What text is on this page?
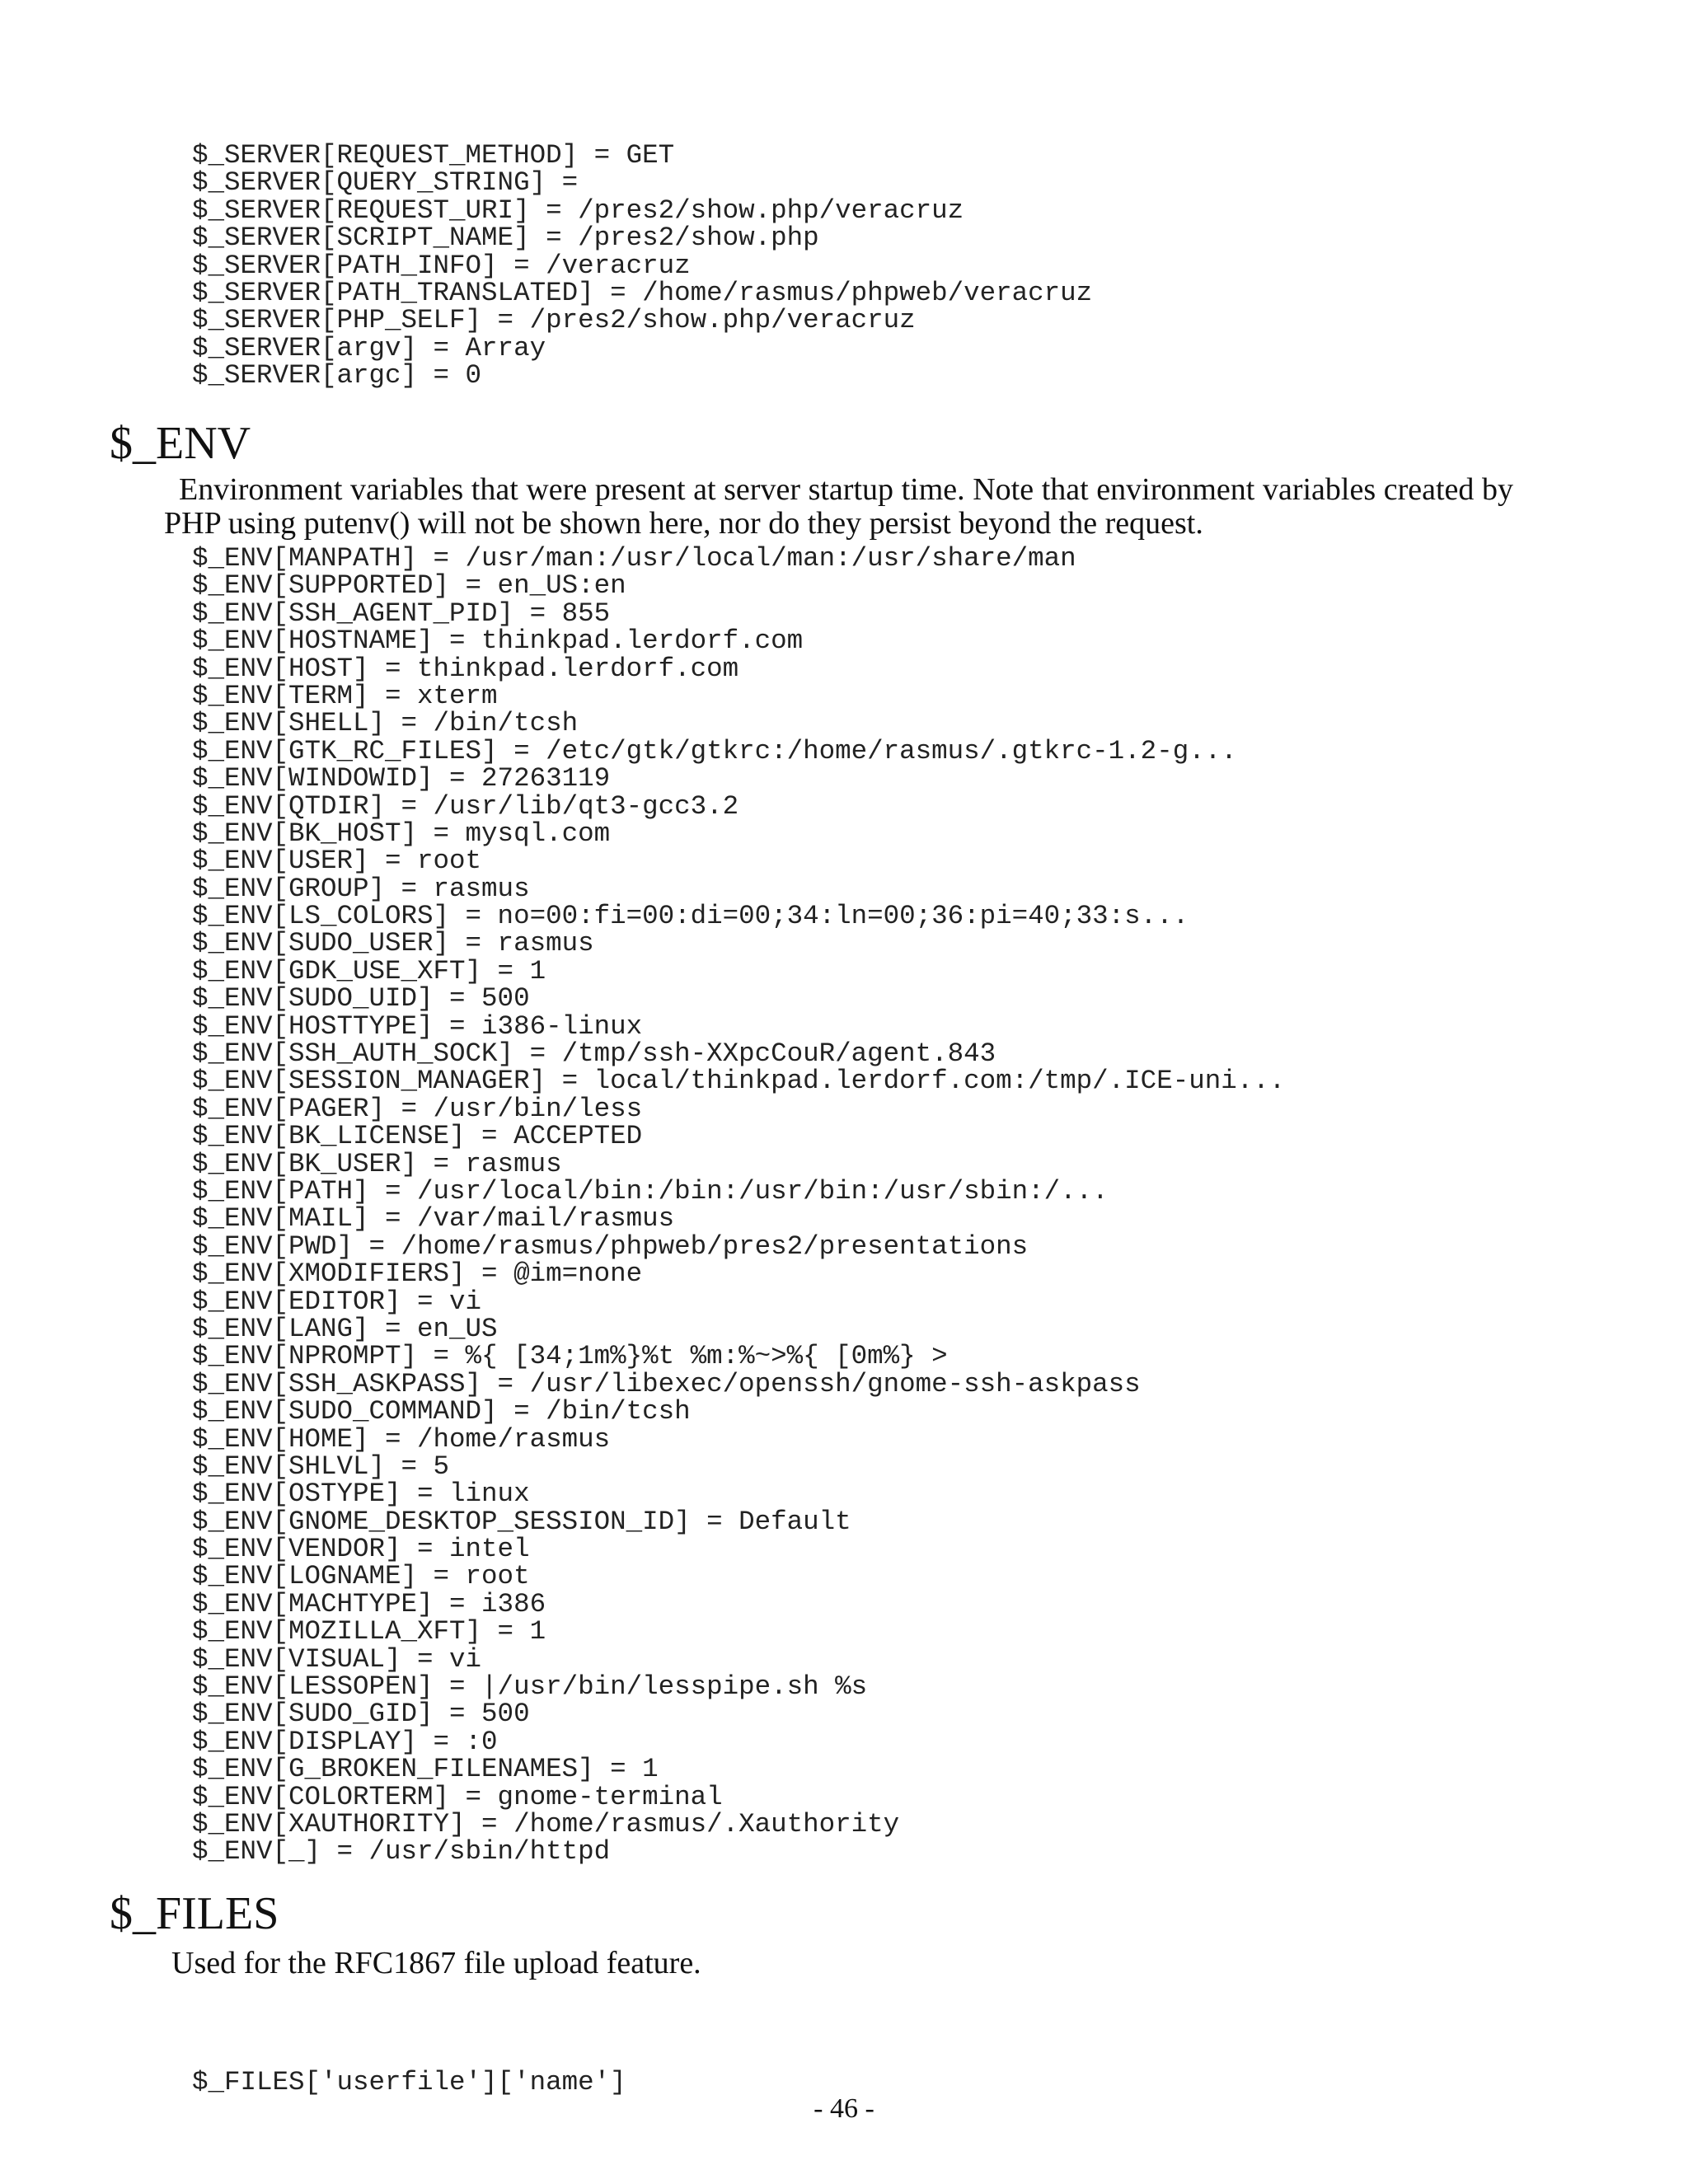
$_SERVER[REQUEST_METHOD] = GET
$_SERVER[QUERY_STRING] =
$_SERVER[REQUEST_URI] = /pres2/show.php/veracruz
$_SERVER[SCRIPT_NAME] = /pres2/show.php
$_SERVER[PATH_INFO] = /veracruz
$_SERVER[PATH_TRANSLATED] = /home/rasmus/phpweb/veracruz
$_SERVER[PHP_SELF] = /pres2/show.php/veracruz
$_SERVER[argv] = Array
$_SERVER[argc] = 0
$_ENV

Environment variables that were present at server startup time. Note that environment variables created by PHP using putenv() will not be shown here, nor do they persist beyond the request.

$_ENV[MANPATH] = /usr/man:/usr/local/man:/usr/share/man
$_ENV[SUPPORTED] = en_US:en
$_ENV[SSH_AGENT_PID] = 855
$_ENV[HOSTNAME] = thinkpad.lerdorf.com
$_ENV[HOST] = thinkpad.lerdorf.com
$_ENV[TERM] = xterm
$_ENV[SHELL] = /bin/tcsh
$_ENV[GTK_RC_FILES] = /etc/gtk/gtkrc:/home/rasmus/.gtkrc-1.2-g...
$_ENV[WINDOWID] = 27263119
$_ENV[QTDIR] = /usr/lib/qt3-gcc3.2
$_ENV[BK_HOST] = mysql.com
$_ENV[USER] = root
$_ENV[GROUP] = rasmus
$_ENV[LS_COLORS] = no=00:fi=00:di=00;34:ln=00;36:pi=40;33:s...
$_ENV[SUDO_USER] = rasmus
$_ENV[GDK_USE_XFT] = 1
$_ENV[SUDO_UID] = 500
$_ENV[HOSTTYPE] = i386-linux
$_ENV[SSH_AUTH_SOCK] = /tmp/ssh-XXpcCouR/agent.843
$_ENV[SESSION_MANAGER] = local/thinkpad.lerdorf.com:/tmp/.ICE-uni...
$_ENV[PAGER] = /usr/bin/less
$_ENV[BK_LICENSE] = ACCEPTED
$_ENV[BK_USER] = rasmus
$_ENV[PATH] = /usr/local/bin:/bin:/usr/bin:/usr/sbin:/...
$_ENV[MAIL] = /var/mail/rasmus
$_ENV[PWD] = /home/rasmus/phpweb/pres2/presentations
$_ENV[XMODIFIERS] = @im=none
$_ENV[EDITOR] = vi
$_ENV[LANG] = en_US
$_ENV[NPROMPT] = %{ [34;1m%}%t %m:%~>%{ [0m%} >
$_ENV[SSH_ASKPASS] = /usr/libexec/openssh/gnome-ssh-askpass
$_ENV[SUDO_COMMAND] = /bin/tcsh
$_ENV[HOME] = /home/rasmus
$_ENV[SHLVL] = 5
$_ENV[OSTYPE] = linux
$_ENV[GNOME_DESKTOP_SESSION_ID] = Default
$_ENV[VENDOR] = intel
$_ENV[LOGNAME] = root
$_ENV[MACHTYPE] = i386
$_ENV[MOZILLA_XFT] = 1
$_ENV[VISUAL] = vi
$_ENV[LESSOPEN] = |/usr/bin/lesspipe.sh %s
$_ENV[SUDO_GID] = 500
$_ENV[DISPLAY] = :0
$_ENV[G_BROKEN_FILENAMES] = 1
$_ENV[COLORTERM] = gnome-terminal
$_ENV[XAUTHORITY] = /home/rasmus/.Xauthority
$_ENV[_] = /usr/sbin/httpd
$_FILES

Used for the RFC1867 file upload feature.

$_FILES['userfile']['name']

- 46 -
